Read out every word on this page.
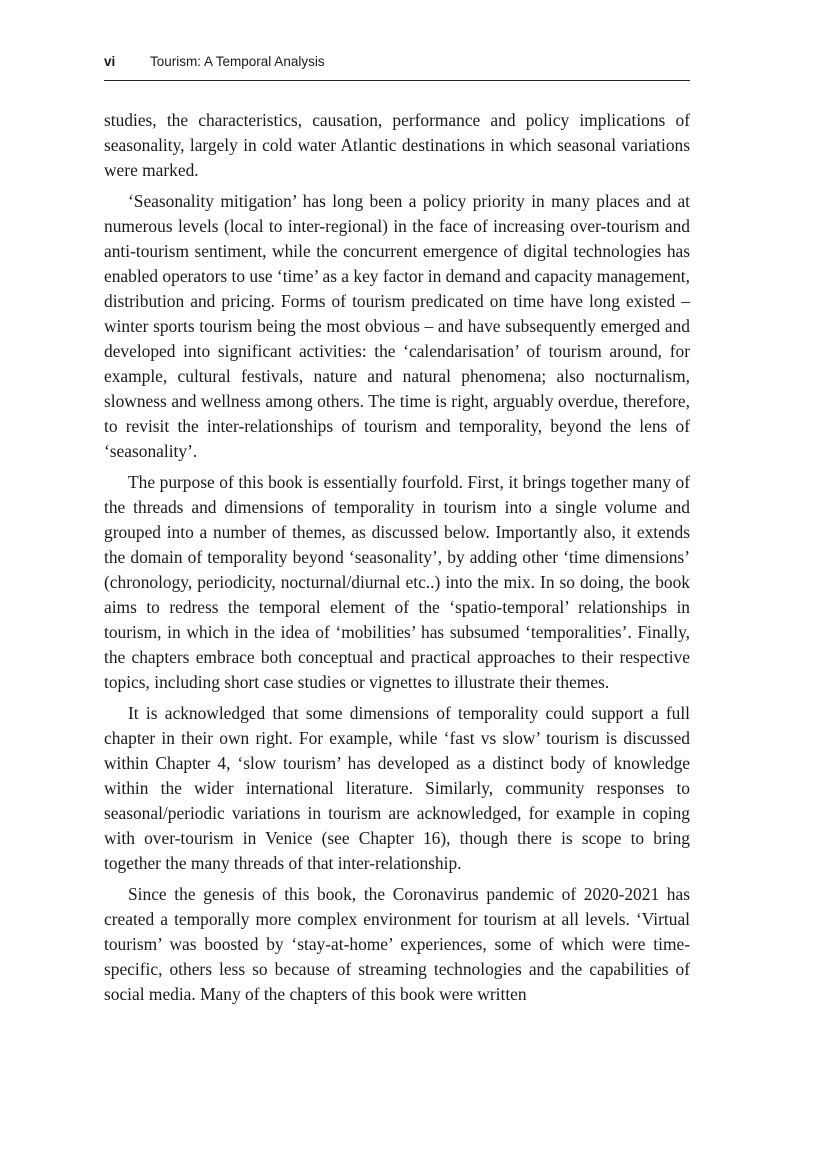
vi	Tourism: A Temporal Analysis

studies, the characteristics, causation, performance and policy implications of seasonality, largely in cold water Atlantic destinations in which seasonal variations were marked.

‘Seasonality mitigation’ has long been a policy priority in many places and at numerous levels (local to inter-regional) in the face of increasing over-tourism and anti-tourism sentiment, while the concurrent emergence of digital technologies has enabled operators to use ‘time’ as a key factor in demand and capacity management, distribution and pricing. Forms of tourism predicated on time have long existed – winter sports tourism being the most obvious – and have subsequently emerged and developed into significant activities: the ‘calendarisation’ of tourism around, for example, cultural festivals, nature and natural phenomena; also nocturnalism, slowness and wellness among others. The time is right, arguably overdue, therefore, to revisit the inter-relationships of tourism and temporality, beyond the lens of ‘seasonality’.

The purpose of this book is essentially fourfold. First, it brings together many of the threads and dimensions of temporality in tourism into a single volume and grouped into a number of themes, as discussed below. Importantly also, it extends the domain of temporality beyond ‘seasonality’, by adding other ‘time dimensions’ (chronology, periodicity, nocturnal/​diurnal etc..) into the mix. In so doing, the book aims to redress the temporal element of the ‘spatio-temporal’ relationships in tourism, in which in the idea of ‘mobilities’ has subsumed ‘temporalities’. Finally, the chapters embrace both conceptual and practical approaches to their respective topics, including short case studies or vignettes to illustrate their themes.

It is acknowledged that some dimensions of temporality could support a full chapter in their own right. For example, while ‘fast vs slow’ tourism is discussed within Chapter 4, ‘slow tourism’ has developed as a distinct body of knowledge within the wider international literature. Similarly, community responses to seasonal/periodic variations in tourism are acknowledged, for example in coping with over-tourism in Venice (see Chapter 16), though there is scope to bring together the many threads of that inter-relationship.

Since the genesis of this book, the Coronavirus pandemic of 2020-2021 has created a temporally more complex environment for tourism at all levels. ‘Virtual tourism’ was boosted by ‘stay-at-home’ experiences, some of which were time-specific, others less so because of streaming technologies and the capabilities of social media. Many of the chapters of this book were written
